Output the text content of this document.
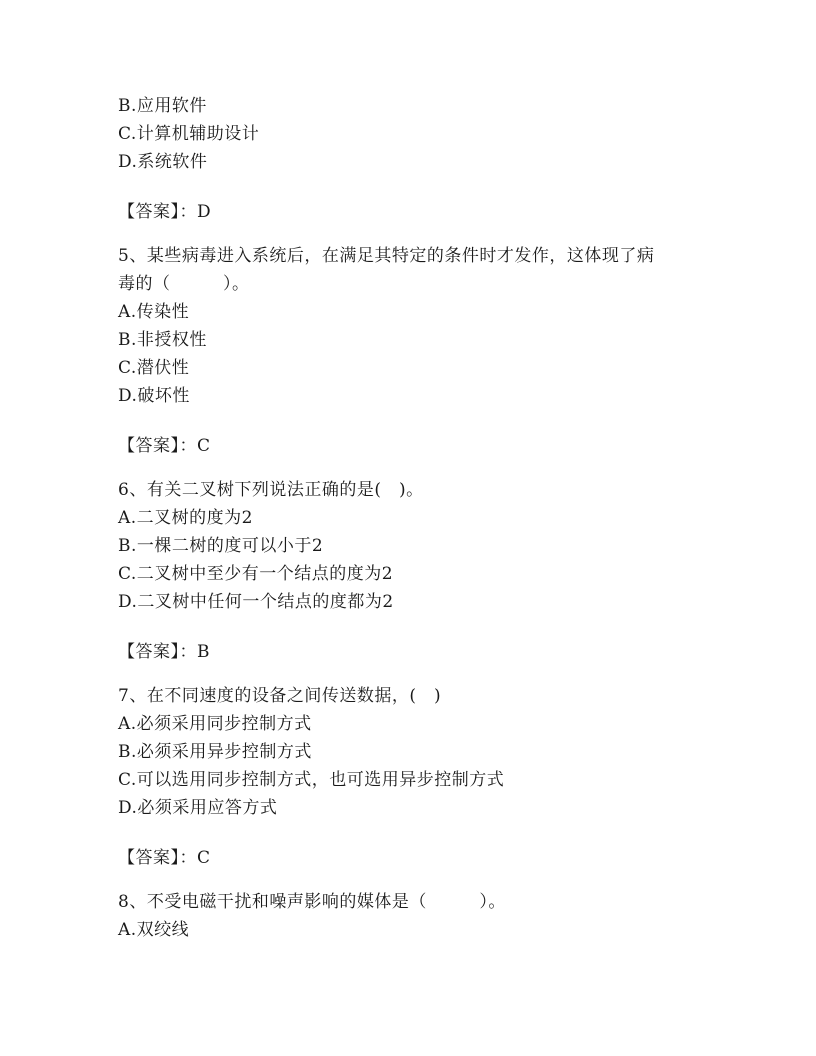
B.应用软件
C.计算机辅助设计
D.系统软件
【答案】：D
5、某些病毒进入系统后，在满足其特定的条件时才发作，这体现了病
毒的（　　　）。
A.传染性
B.非授权性
C.潜伏性
D.破坏性
【答案】：C
6、有关二叉树下列说法正确的是(　)。
A.二叉树的度为2
B.一棵二树的度可以小于2
C.二叉树中至少有一个结点的度为2
D.二叉树中任何一个结点的度都为2
【答案】：B
7、在不同速度的设备之间传送数据，(　)
A.必须采用同步控制方式
B.必须采用异步控制方式
C.可以选用同步控制方式，也可选用异步控制方式
D.必须采用应答方式
【答案】：C
8、不受电磁干扰和噪声影响的媒体是（　　　）。
A.双绞线
